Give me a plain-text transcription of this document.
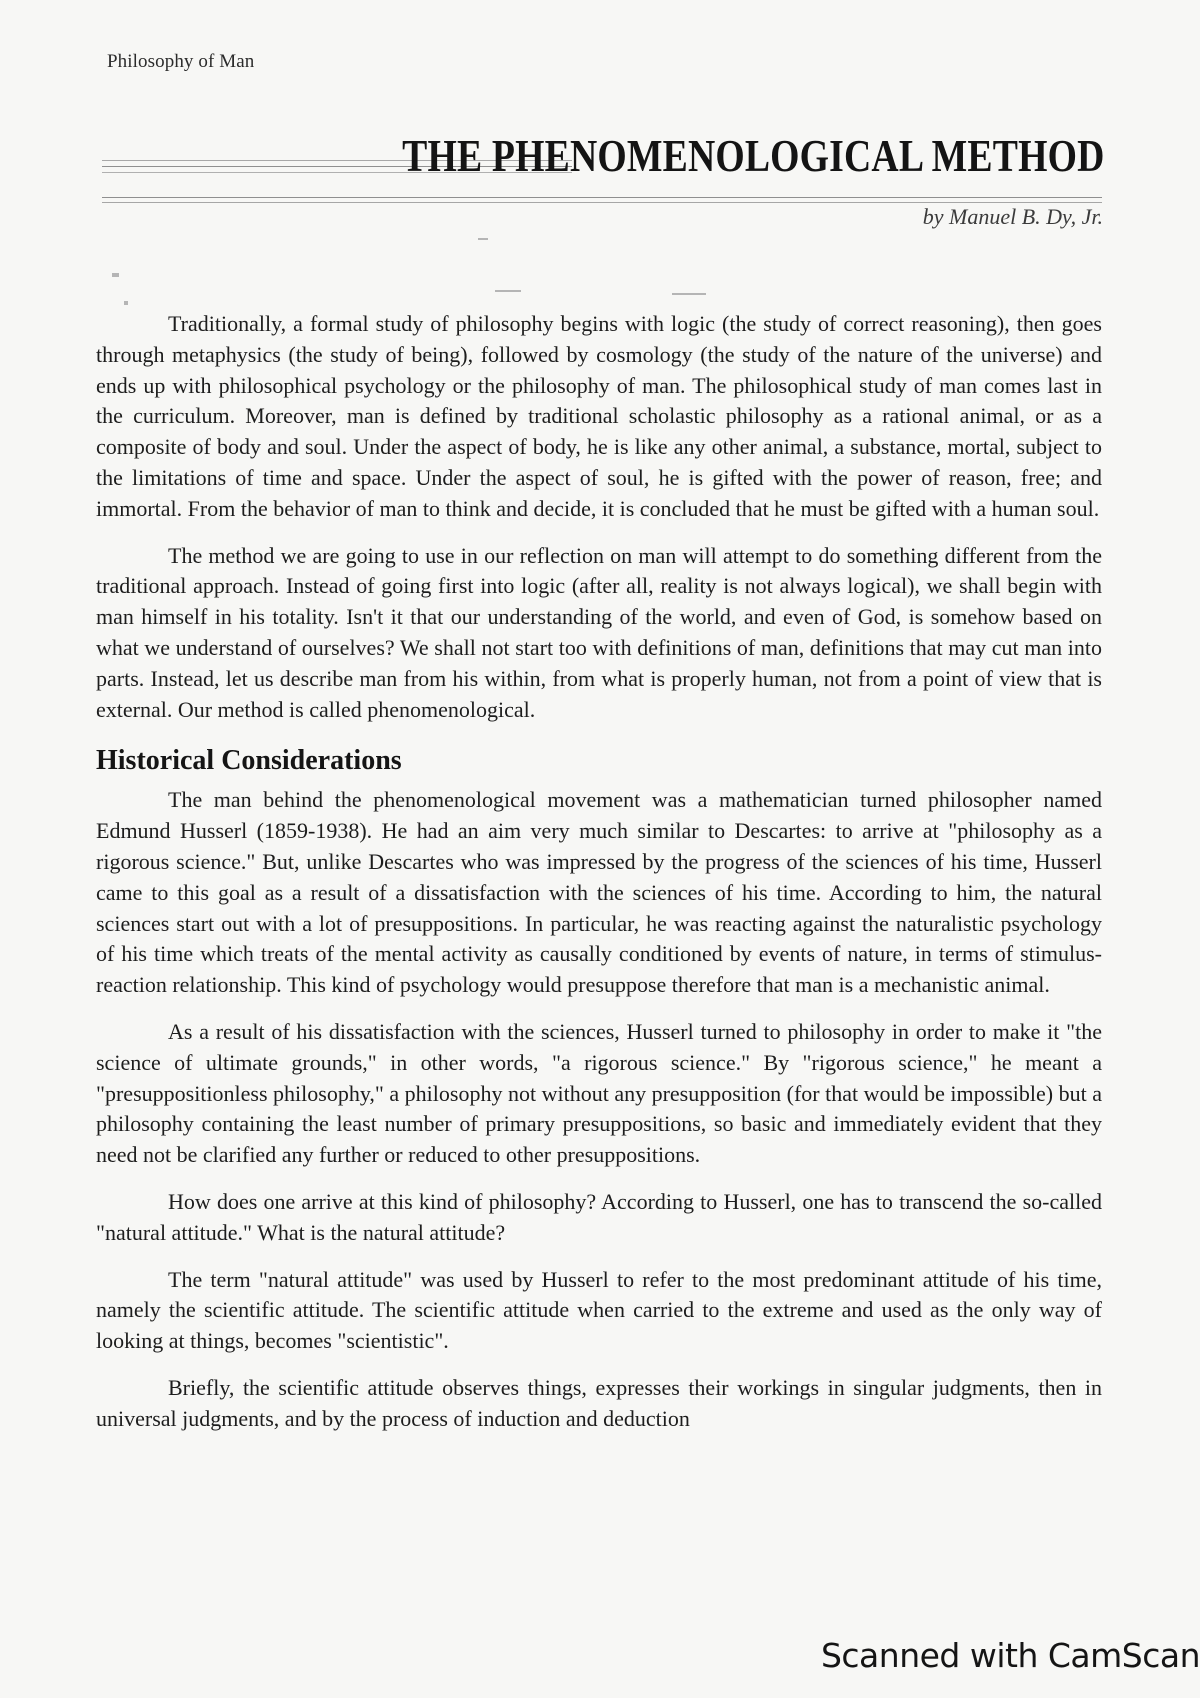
Philosophy of Man
THE PHENOMENOLOGICAL METHOD
by Manuel B. Dy, Jr.

Traditionally, a formal study of philosophy begins with logic (the study of correct reasoning), then goes through metaphysics (the study of being), followed by cosmology (the study of the nature of the universe) and ends up with philosophical psychology or the philosophy of man. The philosophical study of man comes last in the curriculum. Moreover, man is defined by traditional scholastic philosophy as a rational animal, or as a composite of body and soul. Under the aspect of body, he is like any other animal, a substance, mortal, subject to the limitations of time and space. Under the aspect of soul, he is gifted with the power of reason, free; and immortal. From the behavior of man to think and decide, it is concluded that he must be gifted with a human soul.

The method we are going to use in our reflection on man will attempt to do something different from the traditional approach. Instead of going first into logic (after all, reality is not always logical), we shall begin with man himself in his totality. Isn't it that our understanding of the world, and even of God, is somehow based on what we understand of ourselves? We shall not start too with definitions of man, definitions that may cut man into parts. Instead, let us describe man from his within, from what is properly human, not from a point of view that is external. Our method is called phenomenological.

Historical Considerations

The man behind the phenomenological movement was a mathematician turned philosopher named Edmund Husserl (1859-1938). He had an aim very much similar to Descartes: to arrive at "philosophy as a rigorous science." But, unlike Descartes who was impressed by the progress of the sciences of his time, Husserl came to this goal as a result of a dissatisfaction with the sciences of his time. According to him, the natural sciences start out with a lot of presuppositions. In particular, he was reacting against the naturalistic psychology of his time which treats of the mental activity as causally conditioned by events of nature, in terms of stimulus-reaction relationship. This kind of psychology would presuppose therefore that man is a mechanistic animal.

As a result of his dissatisfaction with the sciences, Husserl turned to philosophy in order to make it "the science of ultimate grounds," in other words, "a rigorous science." By "rigorous science," he meant a "presuppositionless philosophy," a philosophy not without any presupposition (for that would be impossible) but a philosophy containing the least number of primary presuppositions, so basic and immediately evident that they need not be clarified any further or reduced to other presuppositions.

How does one arrive at this kind of philosophy? According to Husserl, one has to transcend the so-called "natural attitude." What is the natural attitude?

The term "natural attitude" was used by Husserl to refer to the most predominant attitude of his time, namely the scientific attitude. The scientific attitude when carried to the extreme and used as the only way of looking at things, becomes "scientistic".

Briefly, the scientific attitude observes things, expresses their workings in singular judgments, then in universal judgments, and by the process of induction and deduction

Scanned with CamScan
